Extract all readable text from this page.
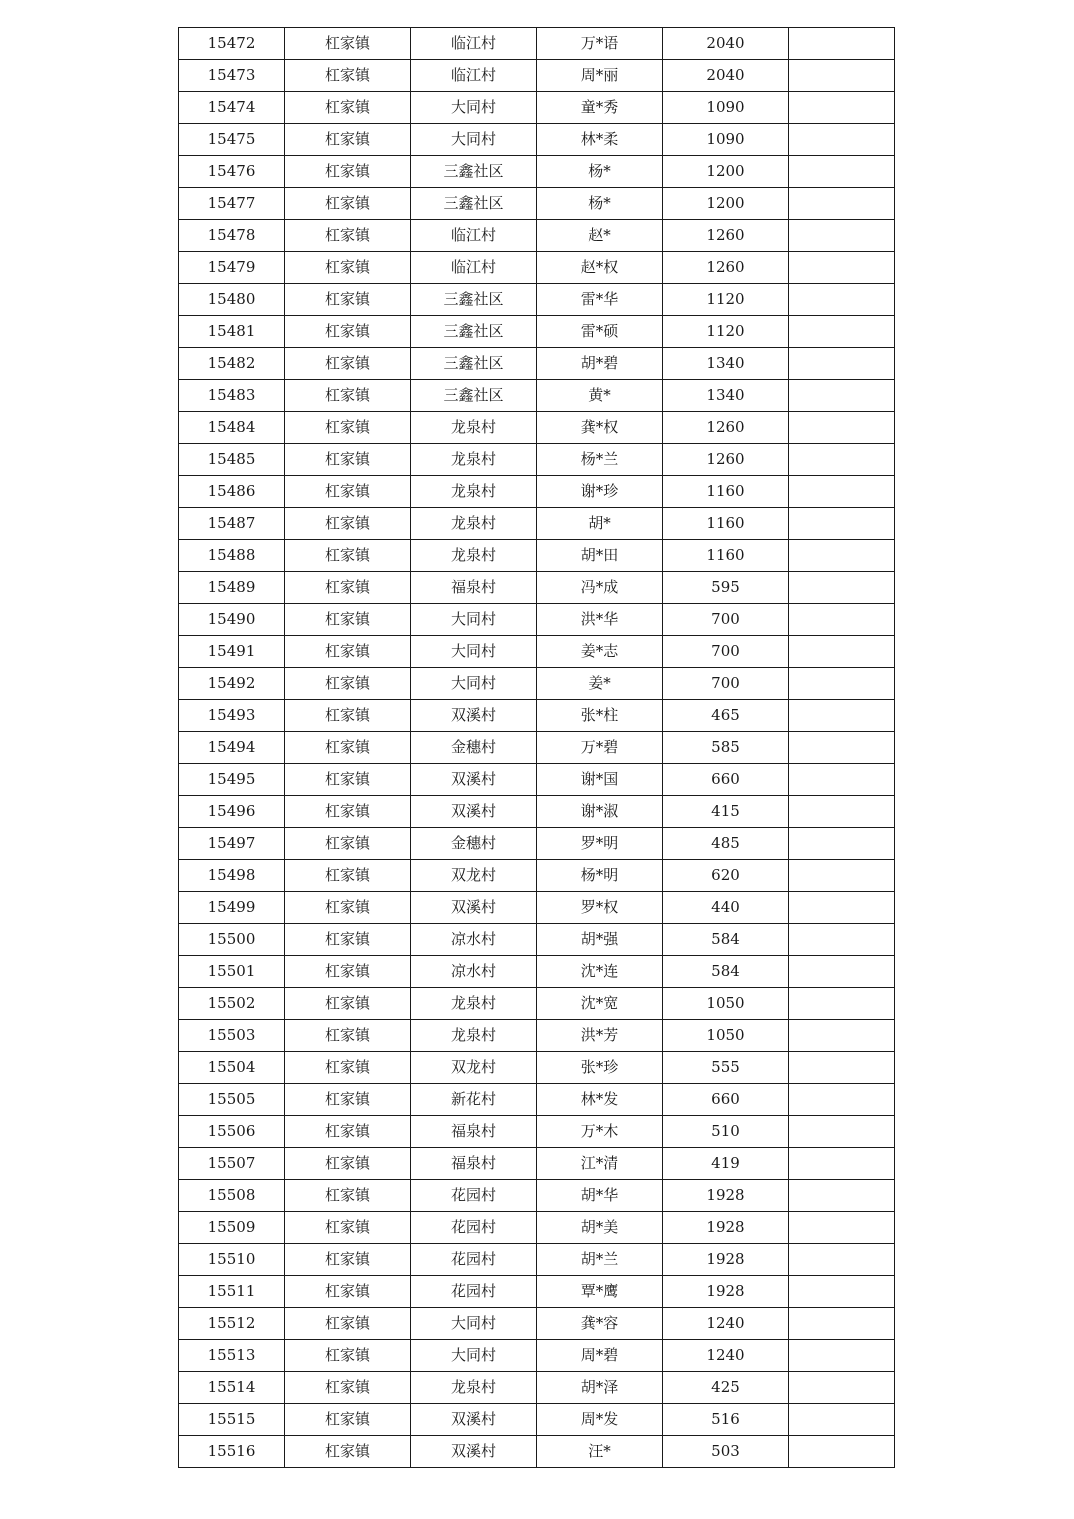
15472	杠家镇	临江村	万*语	2040	
15473	杠家镇	临江村	周*丽	2040	
15474	杠家镇	大同村	童*秀	1090	
15475	杠家镇	大同村	林*柔	1090	
15476	杠家镇	三鑫社区	杨*	1200	
15477	杠家镇	三鑫社区	杨*	1200	
15478	杠家镇	临江村	赵*	1260	
15479	杠家镇	临江村	赵*权	1260	
15480	杠家镇	三鑫社区	雷*华	1120	
15481	杠家镇	三鑫社区	雷*硕	1120	
15482	杠家镇	三鑫社区	胡*碧	1340	
15483	杠家镇	三鑫社区	黄*	1340	
15484	杠家镇	龙泉村	龚*权	1260	
15485	杠家镇	龙泉村	杨*兰	1260	
15486	杠家镇	龙泉村	谢*珍	1160	
15487	杠家镇	龙泉村	胡*	1160	
15488	杠家镇	龙泉村	胡*田	1160	
15489	杠家镇	福泉村	冯*成	595	
15490	杠家镇	大同村	洪*华	700	
15491	杠家镇	大同村	姜*志	700	
15492	杠家镇	大同村	姜*	700	
15493	杠家镇	双溪村	张*柱	465	
15494	杠家镇	金穗村	万*碧	585	
15495	杠家镇	双溪村	谢*国	660	
15496	杠家镇	双溪村	谢*淑	415	
15497	杠家镇	金穗村	罗*明	485	
15498	杠家镇	双龙村	杨*明	620	
15499	杠家镇	双溪村	罗*权	440	
15500	杠家镇	凉水村	胡*强	584	
15501	杠家镇	凉水村	沈*连	584	
15502	杠家镇	龙泉村	沈*宽	1050	
15503	杠家镇	龙泉村	洪*芳	1050	
15504	杠家镇	双龙村	张*珍	555	
15505	杠家镇	新花村	林*发	660	
15506	杠家镇	福泉村	万*木	510	
15507	杠家镇	福泉村	江*清	419	
15508	杠家镇	花园村	胡*华	1928	
15509	杠家镇	花园村	胡*美	1928	
15510	杠家镇	花园村	胡*兰	1928	
15511	杠家镇	花园村	覃*鹰	1928	
15512	杠家镇	大同村	龚*容	1240	
15513	杠家镇	大同村	周*碧	1240	
15514	杠家镇	龙泉村	胡*泽	425	
15515	杠家镇	双溪村	周*发	516	
15516	杠家镇	双溪村	汪*	503	
